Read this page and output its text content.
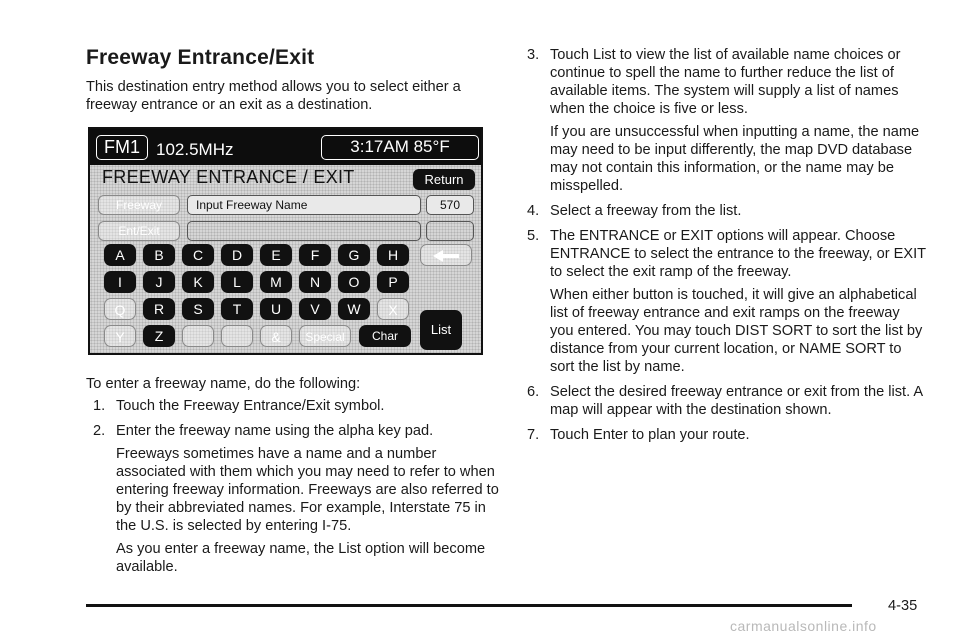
Freeway Entrance/Exit
This destination entry method allows you to select either a freeway entrance or an exit as a destination.
FM1 102.5MHz	3:17AM 85°F
FREEWAY ENTRANCE / EXIT	Return
Freeway
Ent/Exit
Input Freeway Name	570
A	B	C	D	E	F	G	H
I	J	K	L	M	N	O	P
Q	R	S	T	U	V	W	X
Y	Z	&	Special	Char	List
To enter a freeway name, do the following:
1. Touch the Freeway Entrance/Exit symbol.
2. Enter the freeway name using the alpha key pad.

Freeways sometimes have a name and a number associated with them which you may need to refer to when entering freeway information. Freeways are also referred to by their abbreviated names. For example, Interstate 75 in the U.S. is selected by entering I-75.

As you enter a freeway name, the List option will become available.

3. Touch List to view the list of available name choices or continue to spell the name to further reduce the list of available items. The system will supply a list of names when the choice is five or less.

If you are unsuccessful when inputting a name, the name may need to be input differently, the map DVD database may not contain this information, or the name may be misspelled.

4. Select a freeway from the list.
5. The ENTRANCE or EXIT options will appear. Choose ENTRANCE to select the entrance to the freeway, or EXIT to select the exit ramp of the freeway.

When either button is touched, it will give an alphabetical list of freeway entrance and exit ramps on the freeway you entered. You may touch DIST SORT to sort the list by distance from your current location, or NAME SORT to sort the list by name.

6. Select the desired freeway entrance or exit from the list. A map will appear with the destination shown.
7. Touch Enter to plan your route.
4-35
carmanualsonline.info
